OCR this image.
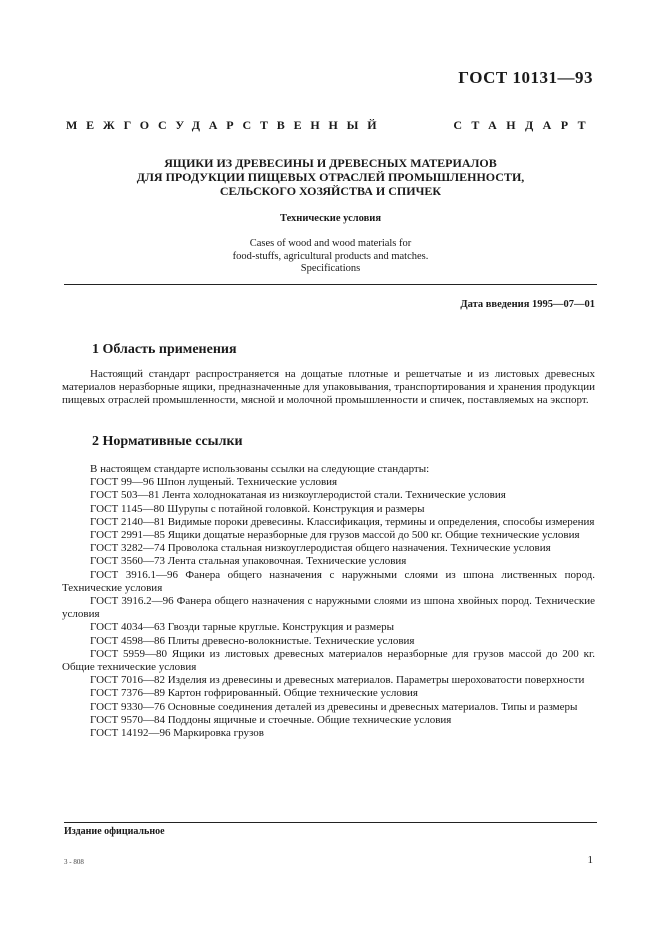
ГОСТ 10131—93
МЕЖГОСУДАРСТВЕННЫЙ	СТАНДАРТ
ЯЩИКИ ИЗ ДРЕВЕСИНЫ И ДРЕВЕСНЫХ МАТЕРИАЛОВ
ДЛЯ ПРОДУКЦИИ ПИЩЕВЫХ ОТРАСЛЕЙ ПРОМЫШЛЕННОСТИ,
СЕЛЬСКОГО ХОЗЯЙСТВА И СПИЧЕК
Технические условия
Cases of wood and wood materials for
food-stuffs, agricultural products and matches.
Specifications
Дата введения 1995—07—01
1 Область применения
Настоящий стандарт распространяется на дощатые плотные и решетчатые и из листовых древесных материалов неразборные ящики, предназначенные для упаковывания, транспортирования и хранения продукции пищевых отраслей промышленности, мясной и молочной промышленности и спичек, поставляемых на экспорт.
2 Нормативные ссылки

В настоящем стандарте использованы ссылки на следующие стандарты:

ГОСТ 99—96 Шпон лущеный. Технические условия

ГОСТ 503—81 Лента холоднокатаная из низкоуглеродистой стали. Технические условия

ГОСТ 1145—80 Шурупы с потайной головкой. Конструкция и размеры

ГОСТ 2140—81 Видимые пороки древесины. Классификация, термины и определения, способы измерения

ГОСТ 2991—85 Ящики дощатые неразборные для грузов массой до 500 кг. Общие технические условия

ГОСТ 3282—74 Проволока стальная низкоуглеродистая общего назначения. Технические условия

ГОСТ 3560—73 Лента стальная упаковочная. Технические условия

ГОСТ 3916.1—96 Фанера общего назначения с наружными слоями из шпона лиственных пород. Технические условия

ГОСТ 3916.2—96 Фанера общего назначения с наружными слоями из шпона хвойных пород. Технические условия

ГОСТ 4034—63 Гвозди тарные круглые. Конструкция и размеры

ГОСТ 4598—86 Плиты древесно-волокнистые. Технические условия

ГОСТ 5959—80 Ящики из листовых древесных материалов неразборные для грузов массой до 200 кг. Общие технические условия

ГОСТ 7016—82 Изделия из древесины и древесных материалов. Параметры шероховатости поверхности

ГОСТ 7376—89 Картон гофрированный. Общие технические условия

ГОСТ 9330—76 Основные соединения деталей из древесины и древесных материалов. Типы и размеры

ГОСТ 9570—84 Поддоны ящичные и стоечные. Общие технические условия

ГОСТ 14192—96 Маркировка грузов

Издание официальное
3 - 808	1
